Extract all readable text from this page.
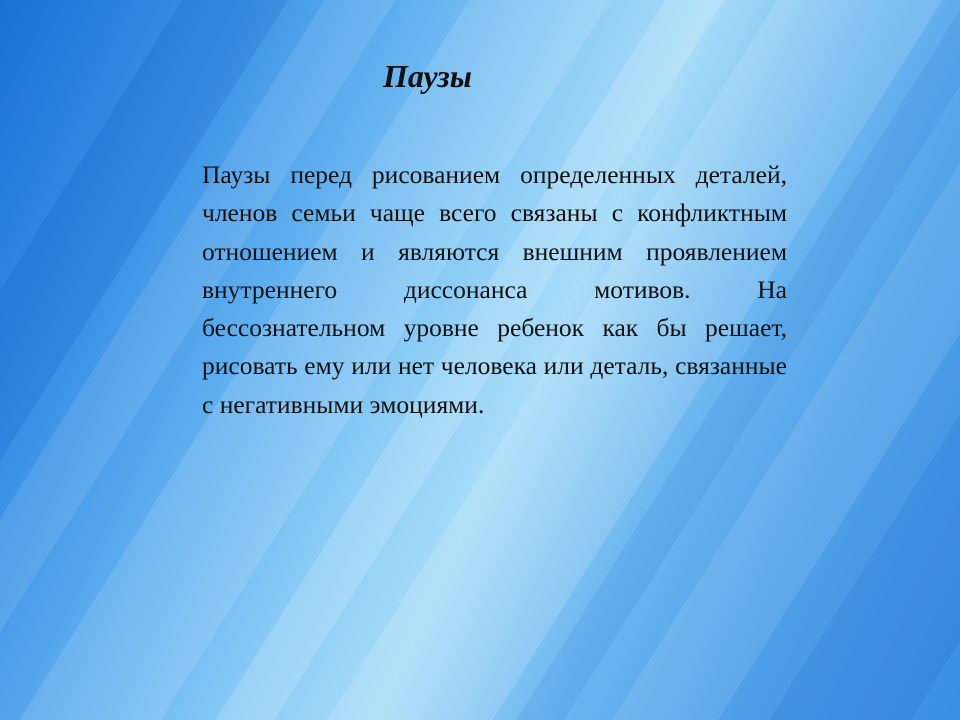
Паузы

Паузы перед рисованием определенных деталей, членов семьи чаще всего связаны с конфликтным отношением и являются внешним проявлением внутреннего диссонанса мотивов. На бессознательном уровне ребенок как бы решает, рисовать ему или нет человека или деталь, связанные с негативными эмоциями.
